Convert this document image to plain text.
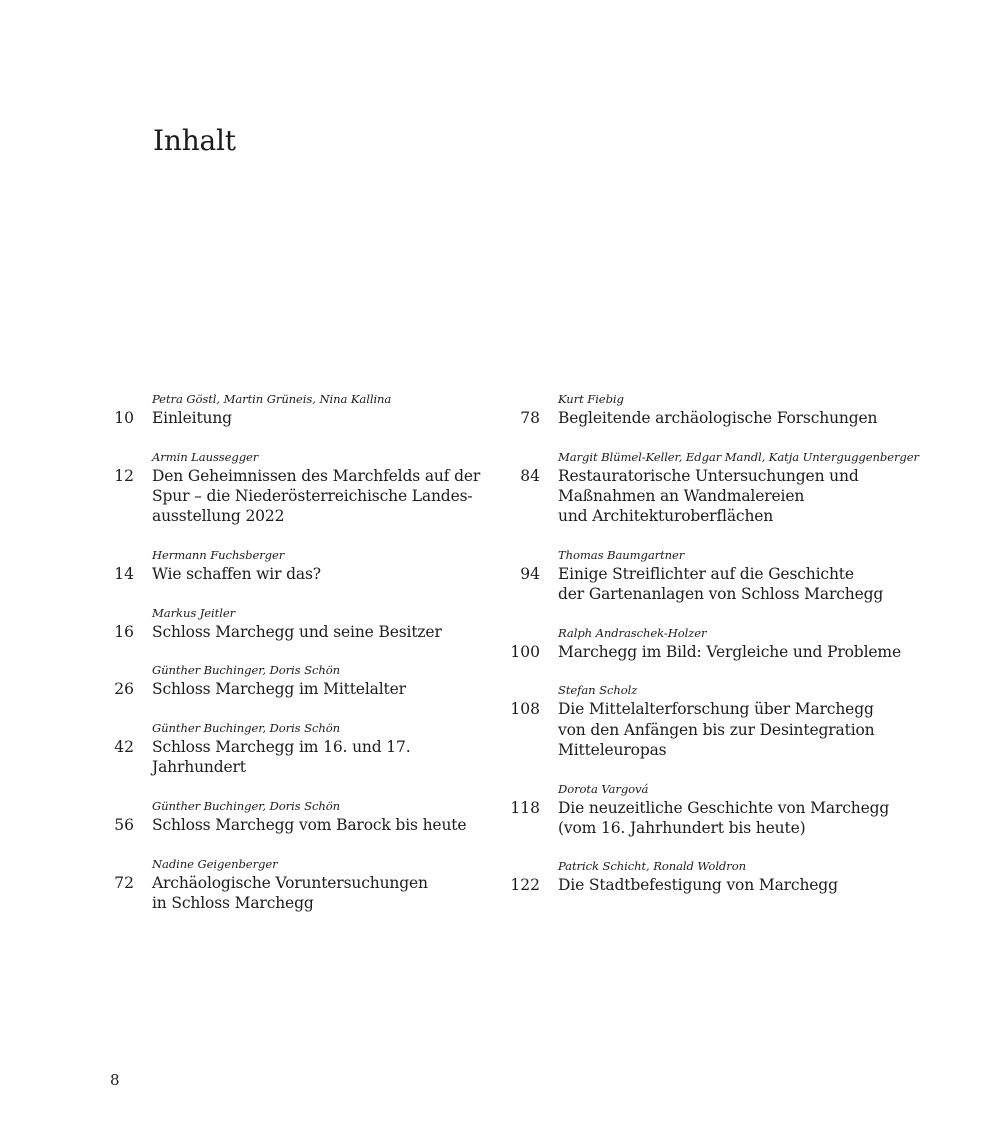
Inhalt
10
Petra Göstl, Martin Grüneis, Nina Kallina
Einleitung
12
Armin Laussegger
Den Geheimnissen des Marchfelds auf der
Spur – die Niederösterreichische Landes-
ausstellung 2022
14
Hermann Fuchsberger
Wie schaffen wir das?
16
Markus Jeitler
Schloss Marchegg und seine Besitzer
26
Günther Buchinger, Doris Schön
Schloss Marchegg im Mittelalter
42
Günther Buchinger, Doris Schön
Schloss Marchegg im 16. und 17. Jahrhundert
56
Günther Buchinger, Doris Schön
Schloss Marchegg vom Barock bis heute
72
Nadine Geigenberger
Archäologische Voruntersuchungen
in Schloss Marchegg
78
Kurt Fiebig
Begleitende archäologische Forschungen
84
Margit Blümel-Keller, Edgar Mandl, Katja Unterguggenberger
Restauratorische Untersuchungen und
Maßnahmen an Wandmalereien
und Architekturoberflächen
94
Thomas Baumgartner
Einige Streiflichter auf die Geschichte
der Gartenanlagen von Schloss Marchegg
100
Ralph Andraschek-Holzer
Marchegg im Bild: Vergleiche und Probleme
108
Stefan Scholz
Die Mittelalterforschung über Marchegg
von den Anfängen bis zur Desintegration
Mitteleuropas
118
Dorota Vargová
Die neuzeitliche Geschichte von Marchegg
(vom 16. Jahrhundert bis heute)
122
Patrick Schicht, Ronald Woldron
Die Stadtbefestigung von Marchegg
8
